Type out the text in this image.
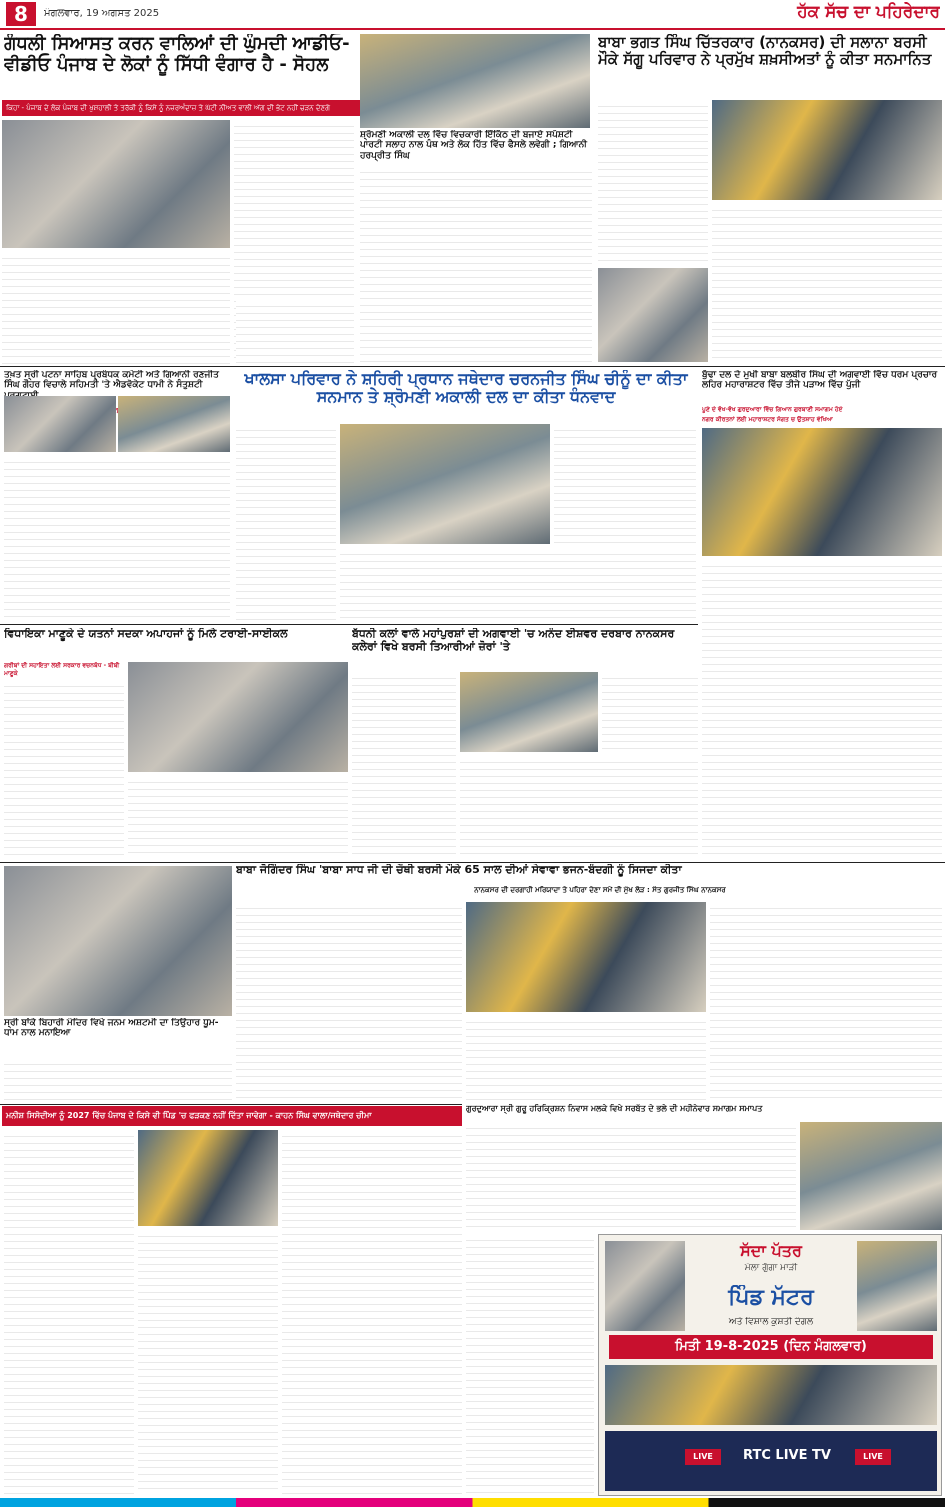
8	ਮੰਗਲਵਾਰ, 19 ਅਗਸਤ 2025	ਹੱਕ ਸੱਚ ਦਾ ਪਹਿਰੇਦਾਰ
ਗੰਧਲੀ ਸਿਆਸਤ ਕਰਨ ਵਾਲਿਆਂ ਦੀ ਘੁੰਮਦੀ ਆਡੀਓ-ਵੀਡੀਓ ਪੰਜਾਬ ਦੇ ਲੋਕਾਂ ਨੂੰ ਸਿੱਧੀ ਵੰਗਾਰ ਹੈ - ਸੋਹਲ
ਕਿਹਾ - ਪੰਜਾਬ ਦੇ ਲੋਕ ਪੰਜਾਬ ਦੀ ਖੁਸ਼ਹਾਲੀ ਤੇ ਤਰੱਕੀ ਨੂੰ ਕਿਸੇ ਨੂੰ ਨਜ਼ਰਅੰਦਾਜ਼ ਤੇ ਘੱਟੀ ਨੀਅਤ ਵਾਲੀ ਅੱਗ ਦੀ ਭੇਟ ਨਹੀਂ ਚੜਨ ਦੇਣਗੇ
ਸ਼੍ਰੋਮਣੀ ਅਕਾਲੀ ਦਲ ਵਿੱਚ ਵਿਚਕਾਰੀ ਇੱਕਿੱਠ ਦੀ ਬਜਾਏ ਸਪੱਸ਼ਟੀ ਪਾਰਟੀ ਸਲਾਹ ਨਾਲ ਪੰਥ ਅਤੇ ਲੋਕ ਹਿੱਤ ਵਿੱਚ ਫੈਸਲੇ ਲਵੇਗੀ ; ਗਿਆਨੀ ਹਰਪ੍ਰੀਤ ਸਿੰਘ
ਬਾਬਾ ਭਗਤ ਸਿੰਘ ਚਿੱਤਰਕਾਰ (ਨਾਨਕਸਰ) ਦੀ ਸਲਾਨਾ ਬਰਸੀ ਮੌਕੇ ਸੱਗੂ ਪਰਿਵਾਰ ਨੇ ਪ੍ਰਮੁੱਖ ਸ਼ਖ਼ਸੀਅਤਾਂ ਨੂੰ ਕੀਤਾ ਸਨਮਾਨਿਤ
ਤਖ਼ਤ ਸ੍ਰੀ ਪਟਨਾ ਸਾਹਿਬ ਪ੍ਰਬੰਧਕ ਕਮੇਟੀ ਅਤੇ ਗਿਆਨੀ ਰਣਜੀਤ ਸਿੰਘ ਗੌਹਰ ਵਿਚਾਲੇ ਸਹਿਮਤੀ 'ਤੇ ਐਡਵੋਕੇਟ ਧਾਮੀ ਨੇ ਸੰਤੁਸ਼ਟੀ	ਖਾਲਸਾ ਪਰਿਵਾਰ ਨੇ ਸ਼ਹਿਰੀ ਪ੍ਰਧਾਨ ਜਥੇਦਾਰ ਚਰਨਜੀਤ ਸਿੰਘ ਚੀਨੂੰ ਦਾ ਕੀਤਾ ਸਨਮਾਨ ਤੇ ਸ਼੍ਰੋਮਣੀ ਅਕਾਲੀ ਦਲ ਦਾ ਕੀਤਾ ਧੰਨਵਾਦ
ਬੁੱਢਾ ਦਲ ਦੇ ਮੁਖੀ ਬਾਬਾ ਬਲਬੀਰ ਸਿੰਘ ਦੀ ਅਗਵਾਈ ਵਿੱਚ ਧਰਮ ਪ੍ਰਚਾਰ ਲਹਿਰ ਮਹਾਰਾਸ਼ਟਰ ਵਿੱਚ ਤੀਜੇ ਪੜਾਅ ਵਿੱਚ ਪੁੱਜੀ
ਪੂਣੇ ਦੇ ਵੱਖ-ਵੱਖ ਗੁਰਦੁਆਰਾ ਵਿੱਚ ਗਿਆਨ ਗੁਰਬਾਣੀ ਸਮਾਗਮ ਹੋਏ
ਨਗਰ ਕੀਰਤਨਾਂ ਲਈ ਮਹਾਰਾਸ਼ਟਰ ਸੰਗਤ ਚ ਉਤਸ਼ਾਹ ਵੇਖਿਆ
ਵਿਧਾਇਕਾ ਮਾਣੂਕੇ ਦੇ ਯਤਨਾਂ ਸਦਕਾ ਅਪਾਹਜਾਂ ਨੂੰ ਮਿਲੇ ਟਰਾਈ-ਸਾਈਕਲ
ਗਰੀਬਾਂ ਦੀ ਸਹਾਇਤਾ ਲਈ ਸਰਕਾਰ ਵਚਨਬੱਧ - ਬੀਬੀ ਮਾਣੂਕੇ
ਬੱਧਨੀ ਕਲਾਂ ਵਾਲੇ ਮਹਾਂਪੁਰਸ਼ਾਂ ਦੀ ਅਗਵਾਈ 'ਚ ਅਨੰਦ ਈਸ਼ਵਰ ਦਰਬਾਰ ਨਾਨਕਸਰ ਕਲੇਰਾਂ ਵਿਖੇ ਬਰਸੀ ਤਿਆਰੀਆਂ ਜ਼ੋਰਾਂ 'ਤੇ
ਬਾਬਾ ਜੋਗਿੰਦਰ ਸਿੰਘ 'ਬਾਬਾ ਸਾਧ ਜੀ ਦੀ ਚੌਥੀ ਬਰਸੀ ਮੌਕੇ 65 ਸਾਲ ਦੀਆਂ ਸੇਵਾਵਾ ਭਜਨ-ਬੰਦਗੀ ਨੂੰ ਸਿਜਦਾ ਕੀਤਾ
ਨਾਨਕਸਰ ਦੀ ਦਰਗਾਹੀ ਮਰਿਯਾਦਾ ਤੇ ਪਹਿਰਾ ਦੇਣਾ ਸਮੇਂ ਦੀ ਮੁੱਖ ਲੋੜ : ਸੰਤ ਗੁਰਜੀਤ ਸਿੰਘ ਨਾਨਕਸਰ
ਸ੍ਰੀ ਬਾਂਕੇ ਬਿਹਾਰੀ ਮੰਦਿਰ ਵਿਖੇ ਜਨਮ ਅਸ਼ਟਮੀ ਦਾ ਤਿਉਹਾਰ ਧੂਮ-ਧਾਮ ਨਾਲ ਮਨਾਇਆ
ਗੁਰਦੁਆਰਾ ਸ੍ਰੀ ਗੁਰੂ ਹਰਿਕ੍ਰਿਸ਼ਨ ਨਿਵਾਸ ਮਲਕੇ ਵਿਖੇ ਸਰਬੱਤ ਦੇ ਭਲੇ ਦੀ ਮਹੀਨੇਵਾਰ ਸਮਾਗਮ ਸਮਾਪਤ
ਮਨੀਸ਼ ਸਿਸੋਦੀਆ ਨੂੰ 2027 ਵਿੱਚ ਪੰਜਾਬ ਦੇ ਕਿਸੇ ਵੀ ਪਿੰਡ 'ਚ ਫੜਕਣ ਨਹੀਂ ਦਿੱਤਾ ਜਾਵੇਗਾ - ਕਾਹਨ ਸਿੰਘ ਵਾਲਾ/ਜਥੇਦਾਰ ਚੀਮਾ
ਸੱਦਾ ਪੱਤਰ
ਮੇਲਾ ਗੁੱਗਾ ਮਾੜੀ
ਪਿੰਡ ਮੱਟਰ
ਅਤੇ ਵਿਸ਼ਾਲ ਕੁਸ਼ਤੀ ਦੰਗਲ
ਮਿਤੀ 19-8-2025 (ਦਿਨ ਮੰਗਲਵਾਰ)
LIVE	RTC LIVE TV	LIVE
